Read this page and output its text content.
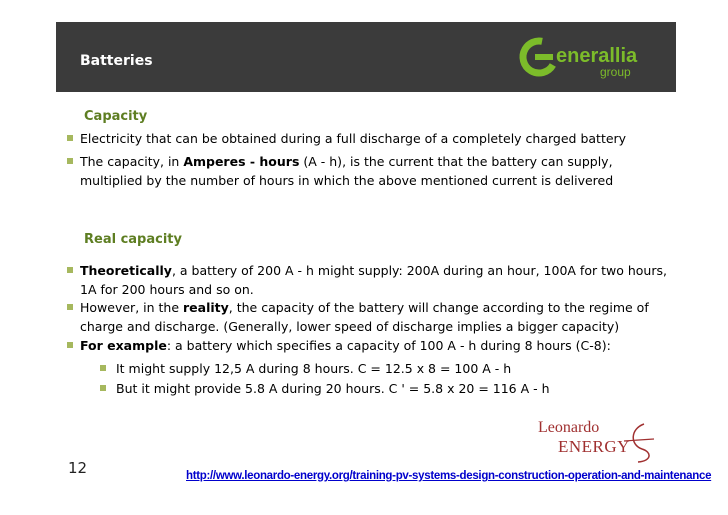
Batteries	enerallia
group
Capacity
Electricity that can be obtained during a full discharge of a completely charged battery
The capacity, in Amperes - hours (A - h), is the current that the battery can supply,
multiplied by the number of hours in which the above mentioned current is delivered
Real capacity
Theoretically, a battery of 200 A - h might supply: 200A during an hour, 100A for two hours,
1A for 200 hours and so on.
However, in the reality, the capacity of the battery will change according to the regime of
charge and discharge. (Generally, lower speed of discharge implies a bigger capacity)
For example: a battery which specifies a capacity of 100 A - h during 8 hours (C-8):
It might supply 12,5 A during 8 hours. C = 12.5 x 8 = 100 A - h
But it might provide 5.8 A during 20 hours. C ' = 5.8 x 20 = 116 A - h
Leonardo
ENERGY
12	http://www.leonardo-energy.org/training-pv-systems-design-construction-operation-and-maintenance
